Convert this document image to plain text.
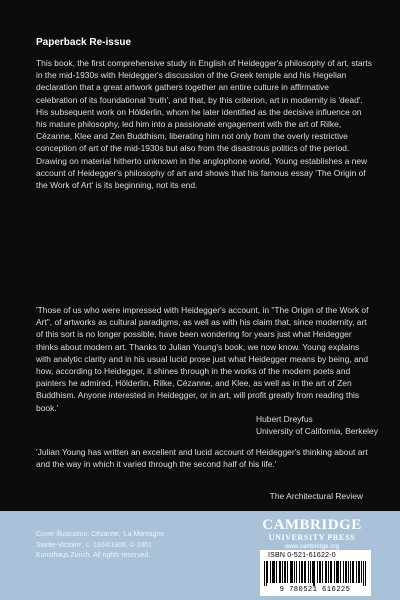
Paperback Re-issue

This book, the first comprehensive study in English of Heidegger's philosophy of art, starts in the mid-1930s with Heidegger's discussion of the Greek temple and his Hegelian declaration that a great artwork gathers together an entire culture in affirmative celebration of its foundational 'truth', and that, by this criterion, art in modernity is 'dead'. His subsequent work on Hölderlin, whom he later identified as the decisive influence on his mature philosophy, led him into a passionate engagement with the art of Rilke, Cézanne, Klee and Zen Buddhism, liberating him not only from the overly restrictive conception of art of the mid-1930s but also from the disastrous politics of the period. Drawing on material hitherto unknown in the anglophone world, Young establishes a new account of Heidegger's philosophy of art and shows that his famous essay 'The Origin of the Work of Art' is its beginning, not its end.

'Those of us who were impressed with Heidegger's account, in "The Origin of the Work of Art", of artworks as cultural paradigms, as well as with his claim that, since modernity, art of this sort is no longer possible, have been wondering for years just what Heidegger thinks about modern art. Thanks to Julian Young's book, we now know. Young explains with analytic clarity and in his usual lucid prose just what Heidegger means by being, and how, according to Heidegger, it shines through in the works of the modern poets and painters he admired, Hölderlin, Rilke, Cézanne, and Klee, as well as in the art of Zen Buddhism. Anyone interested in Heidegger, or in art, will profit greatly from reading this book.'

Hubert Dreyfus
University of California, Berkeley

'Julian Young has written an excellent and lucid account of Heidegger's thinking about art and the way in which it varied through the second half of his life.'

The Architectural Review

Cover illustration: Cézanne, 'La Montagne Sainte-Victoire', c. 1904/1906, © 2001 Kunsthaus Zurich. All rights reserved.

CAMBRIDGE
UNIVERSITY PRESS
www.cambridge.org
ISBN 0-521-61622-0
9 780521 616225
